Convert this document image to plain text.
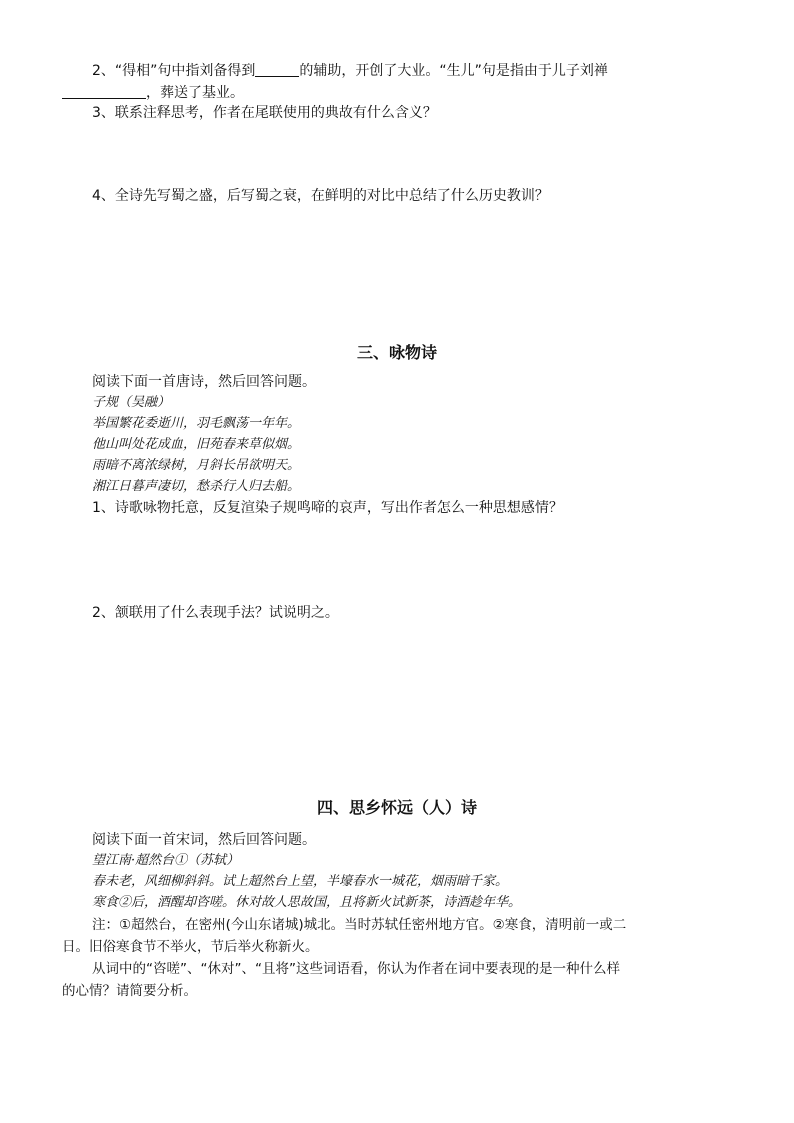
2、“得相”句中指刘备得到	的辅助，开创了大业。“生儿”句是指由于儿子刘禅
，葬送了基业。
3、联系注释思考，作者在尾联使用的典故有什么含义？
4、全诗先写蜀之盛，后写蜀之衰，在鲜明的对比中总结了什么历史教训？
三、咏物诗
阅读下面一首唐诗，然后回答问题。
子规（吴融）
举国繁花委逝川，羽毛飘荡一年年。
他山叫处花成血，旧苑春来草似烟。
雨暗不离浓绿树，月斜长吊欲明天。
湘江日暮声凄切，愁杀行人归去船。
1、诗歌咏物托意，反复渲染子规鸣啼的哀声，写出作者怎么一种思想感情？
2、颔联用了什么表现手法？试说明之。
四、思乡怀远（人）诗
阅读下面一首宋词，然后回答问题。
望江南·超然台①（苏轼）
春未老，风细柳斜斜。试上超然台上望，半壕春水一城花，烟雨暗千家。
寒食②后，酒醒却咨嗟。休对故人思故国，且将新火试新茶，诗酒趁年华。
注：①超然台，在密州(今山东诸城)城北。当时苏轼任密州地方官。②寒食，清明前一或二
日。旧俗寒食节不举火，节后举火称新火。
从词中的“咨嗟”、“休对”、“且将”这些词语看，你认为作者在词中要表现的是一种什么样
的心情？请简要分析。
